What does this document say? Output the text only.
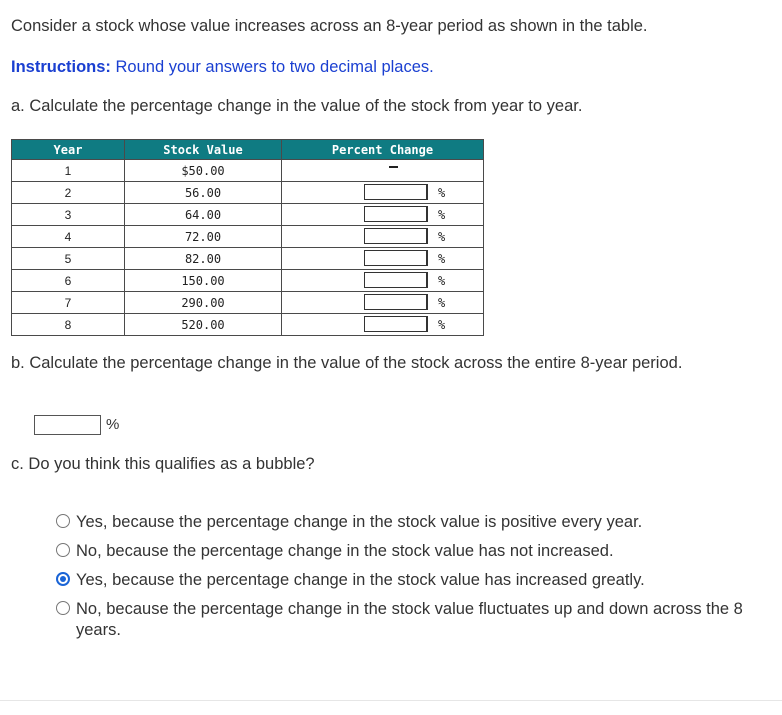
Consider a stock whose value increases across an 8-year period as shown in the table.
Instructions: Round your answers to two decimal places.
a. Calculate the percentage change in the value of the stock from year to year.
Year	Stock Value	Percent Change
1	$50.00	

2	56.00	%

3	64.00	%

4	72.00	%

5	82.00	%

6	150.00	%

7	290.00	%

8	520.00	%
b. Calculate the percentage change in the value of the stock across the entire 8-year period.
%
c. Do you think this qualifies as a bubble?
Yes, because the percentage change in the stock value is positive every year.
No, because the percentage change in the stock value has not increased.
Yes, because the percentage change in the stock value has increased greatly.
No, because the percentage change in the stock value fluctuates up and down across the 8 years.
